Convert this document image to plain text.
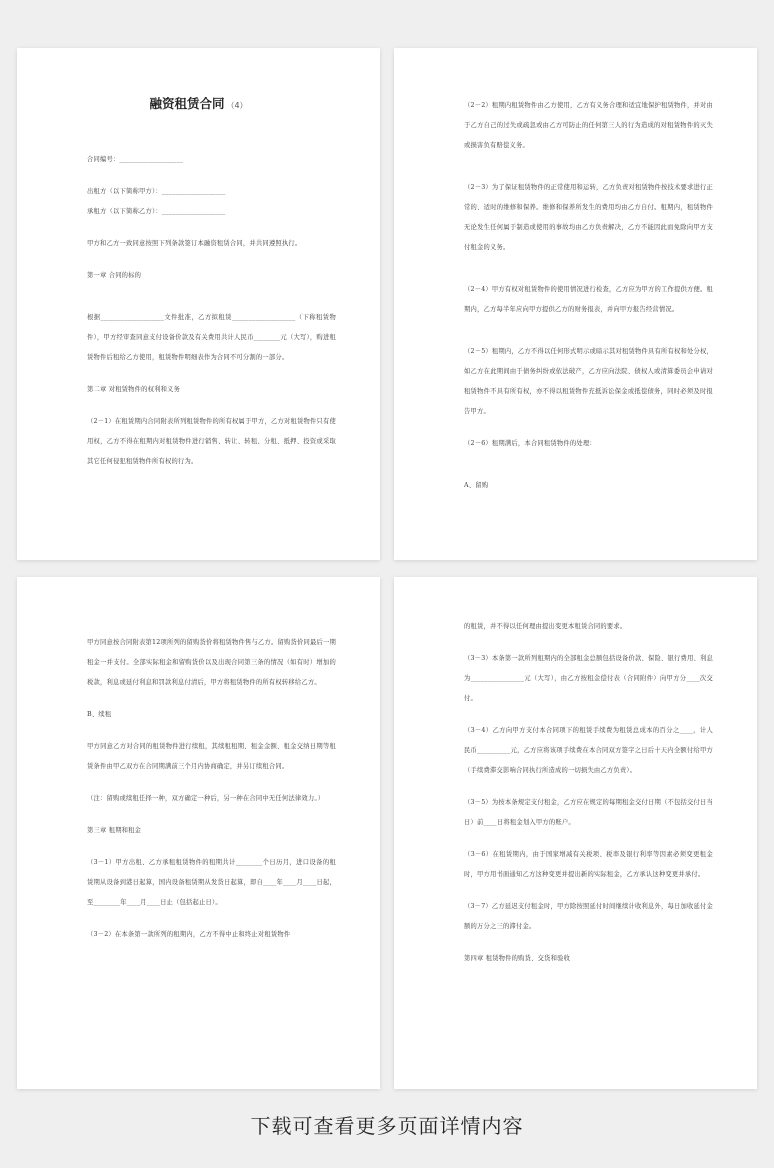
融资租赁合同 （4）

合同编号：___________________

出租方（以下简称甲方）：___________________

承租方（以下简称乙方）：___________________

甲方和乙方一致同意按照下列条款签订本融资租赁合同，并共同遵照执行。

第一章 合同的标的

根据___________________文件批准，乙方拟租赁___________________（下称租赁物件），甲方经审查同意支付设备价款及有关费用共计人民币________元（大写），购进租赁物件后租给乙方使用，租赁物件明细表作为合同不可分割的一部分。

第二章 对租赁物件的权利和义务

（2－1）在租赁期内合同附表所列租赁物件的所有权属于甲方，乙方对租赁物件只有使用权，乙方不得在租期内对租赁物件进行销售、转让、转租、分租、抵押、投资或采取其它任何侵犯租赁物件所有权的行为。

（2－2）租期内租赁物件由乙方使用，乙方有义务合理和适宜地保护租赁物件，并对由于乙方自己的过失或疏忽或由乙方可防止的任何第三人的行为造成的对租赁物件的灭失或损害负有赔偿义务。

（2－3）为了保证租赁物件的正常使用和运转，乙方负责对租赁物件按技术要求进行正常的、适时的维修和保养。维修和保养所发生的费用均由乙方自付。租期内，租赁物件无论发生任何属于制造或使用的事故均由乙方负责解决，乙方不能因此而免除向甲方支付租金的义务。

（2－4）甲方有权对租赁物件的使用情况进行检查，乙方应为甲方的工作提供方便。租期内，乙方每半年应向甲方提供乙方的财务报表，并向甲方报告经营情况。

（2－5）租期内，乙方不得以任何形式明示或暗示其对租赁物件具有所有权和处分权，如乙方在此期间由于债务纠纷或依法破产，乙方应向法院、债权人或清算委员会申请对租赁物件不具有所有权，亦不得以租赁物件充抵诉讼保金或抵偿债务，同时必须及时报告甲方。

（2－6）租期满后，本合同租赁物件的处理：

A、留购

甲方同意按合同附表第12项所列的留购货价将租赁物件售与乙方。留购货价同最后一期租金一并支付。全部实际租金和留购货价以及出现合同第三条的情况（如有时）增加的税款，利息或延付利息和罚款利息付清后，甲方将租赁物件的所有权转移给乙方。

B、续租

甲方同意乙方对合同的租赁物件进行续租，其续租租期、租金金额、租金交纳日期等租赁条件由甲乙双方在合同期满前三个月内协商确定，并另订续租合同。

（注：留购或续租任择一种，双方确定一种后，另一种在合同中无任何法律效力。）

第三章 租期和租金

（3－1）甲方出租、乙方承租租赁物件的租期共计________个日历月，进口设备的租赁期从设备到港日起算，国内设备租赁期从发货日起算，即自____年____月____日起，至________年____月____日止（包括起止日）。

（3－2）在本条第一款所列的租期内，乙方不得中止和终止对租赁物件

的租赁，并不得以任何理由提出变更本租赁合同的要求。

（3－3）本条第一款所列租期内的全部租金总额包括设备价款、保险、银行费用、利息为________________元（大写），由乙方按租金偿付表（合同附件）向甲方分____次交付。

（3－4）乙方向甲方支付本合同项下的租赁手续费为租赁总成本的百分之____，计人民币__________元，乙方应将该项手续费在本合同双方签字之日后十天内全额付给甲方（手续费滞交影响合同执行所造成的一切损失由乙方负责）。

（3－5）为按本条规定支付租金，乙方应在规定的每期租金交付日期（不包括交付日当日）前____日将租金划入甲方的账户。

（3－6）在租赁期内，由于国家增减有关税项、税率及银行利率等因素必须变更租金时，甲方用书面通知乙方这种变更并提出新的实际租金，乙方承认这种变更并承付。

（3－7）乙方延迟支付租金时，甲方除按照延付时间继续计收利息外，每日加收延付金额的万分之三的滞付金。

第四章 租赁物件的购货、交货和验收

下载可查看更多页面详情内容
